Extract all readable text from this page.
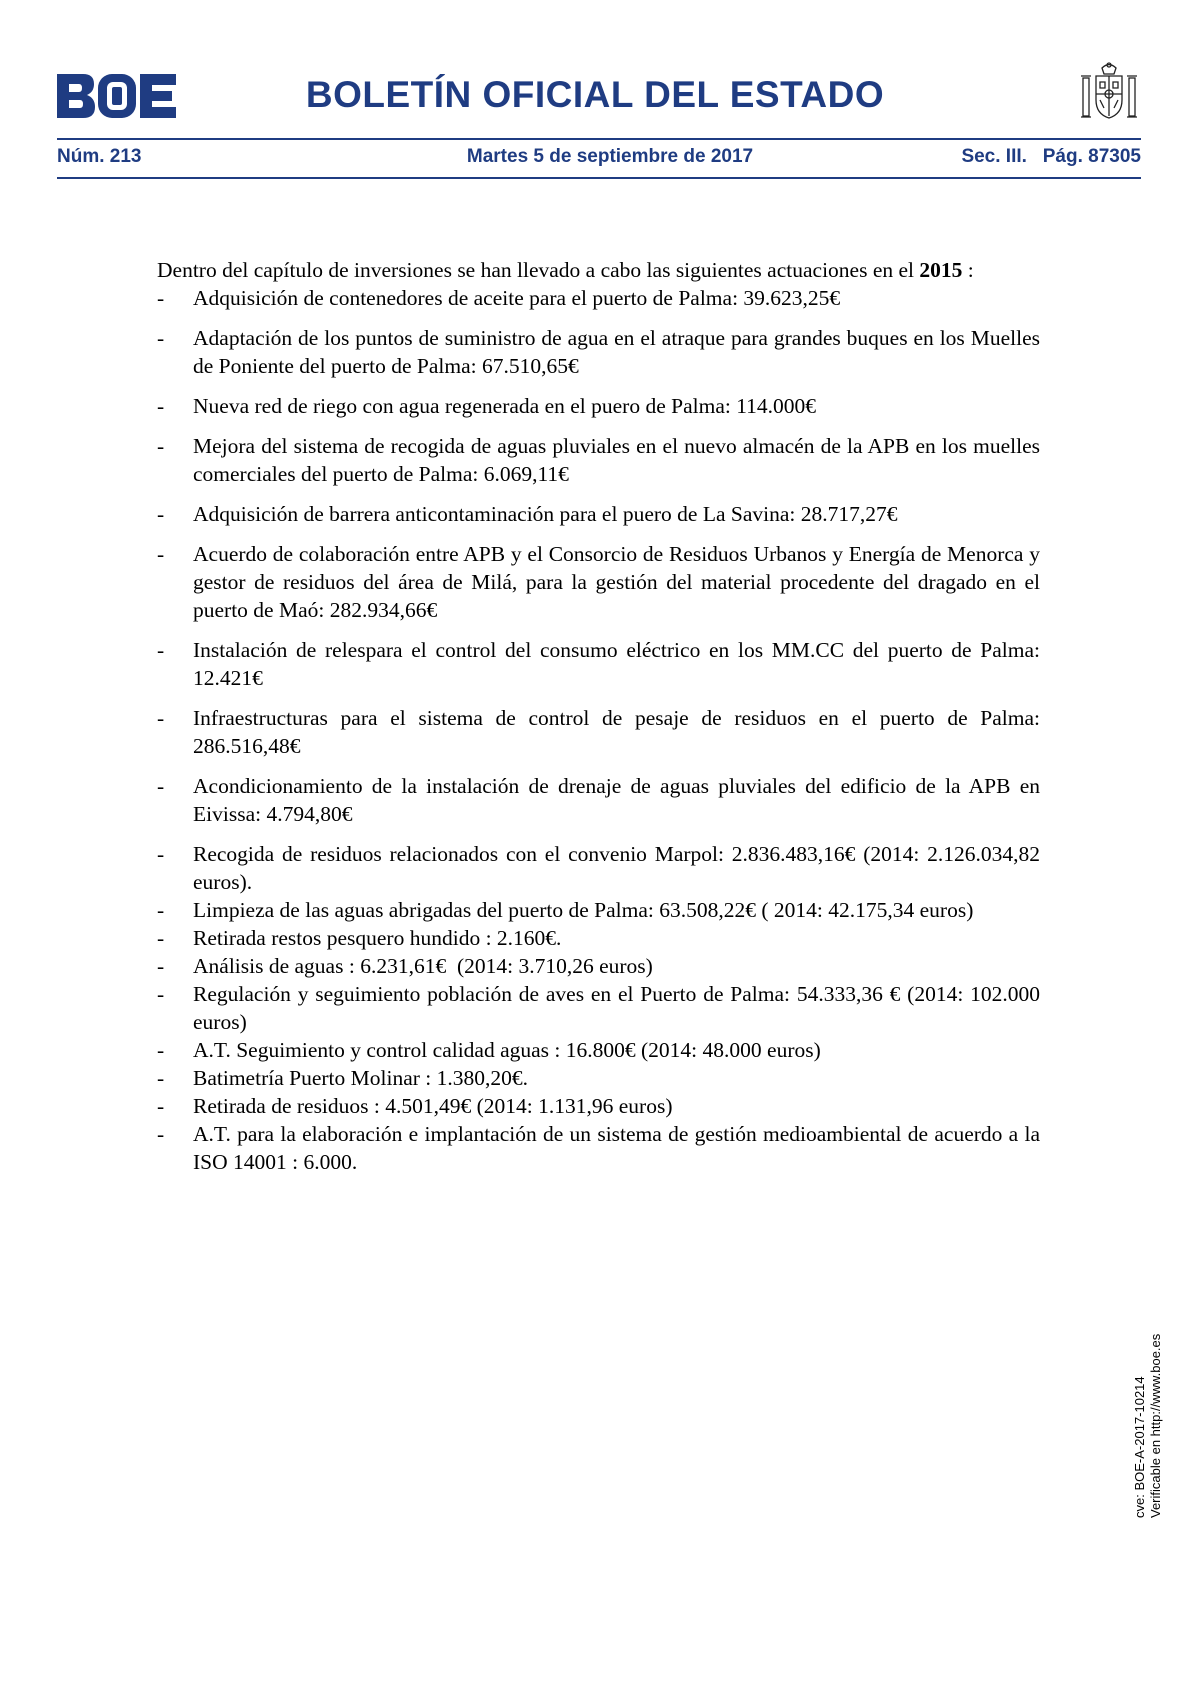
BOLETÍN OFICIAL DEL ESTADO
Núm. 213	Martes 5 de septiembre de 2017	Sec. III.   Pág. 87305

Dentro del capítulo de inversiones se han llevado a cabo las siguientes actuaciones en el 2015 :

- Adquisición de contenedores de aceite para el puerto de Palma: 39.623,25€
- Adaptación de los puntos de suministro de agua en el atraque para grandes buques en los Muelles de Poniente del puerto de Palma: 67.510,65€
- Nueva red de riego con agua regenerada en el puero de Palma: 114.000€
- Mejora del sistema de recogida de aguas pluviales en el nuevo almacén de la APB en los muelles comerciales del puerto de Palma: 6.069,11€
- Adquisición de barrera anticontaminación para el puero de La Savina: 28.717,27€
- Acuerdo de colaboración entre APB y el Consorcio de Residuos Urbanos y Energía de Menorca y gestor de residuos del área de Milá, para la gestión del material procedente del dragado en el puerto de Maó: 282.934,66€
- Instalación de relespara el control del consumo eléctrico en los MM.CC del puerto de Palma: 12.421€
- Infraestructuras para el sistema de control de pesaje de residuos en el puerto de Palma: 286.516,48€
- Acondicionamiento de la instalación de drenaje de aguas pluviales del edificio de la APB en Eivissa: 4.794,80€
- Recogida de residuos relacionados con el convenio Marpol: 2.836.483,16€ (2014: 2.126.034,82 euros).
- Limpieza de las aguas abrigadas del puerto de Palma: 63.508,22€ ( 2014: 42.175,34 euros)
- Retirada restos pesquero hundido : 2.160€.
- Análisis de aguas : 6.231,61€  (2014: 3.710,26 euros)
- Regulación y seguimiento población de aves en el Puerto de Palma: 54.333,36 € (2014: 102.000 euros)
- A.T. Seguimiento y control calidad aguas : 16.800€ (2014: 48.000 euros)
- Batimetría Puerto Molinar : 1.380,20€.
- Retirada de residuos : 4.501,49€ (2014: 1.131,96 euros)
- A.T. para la elaboración e implantación de un sistema de gestión medioambiental de acuerdo a la ISO 14001 : 6.000.
cve: BOE-A-2017-10214 Verificable en http://www.boe.es
